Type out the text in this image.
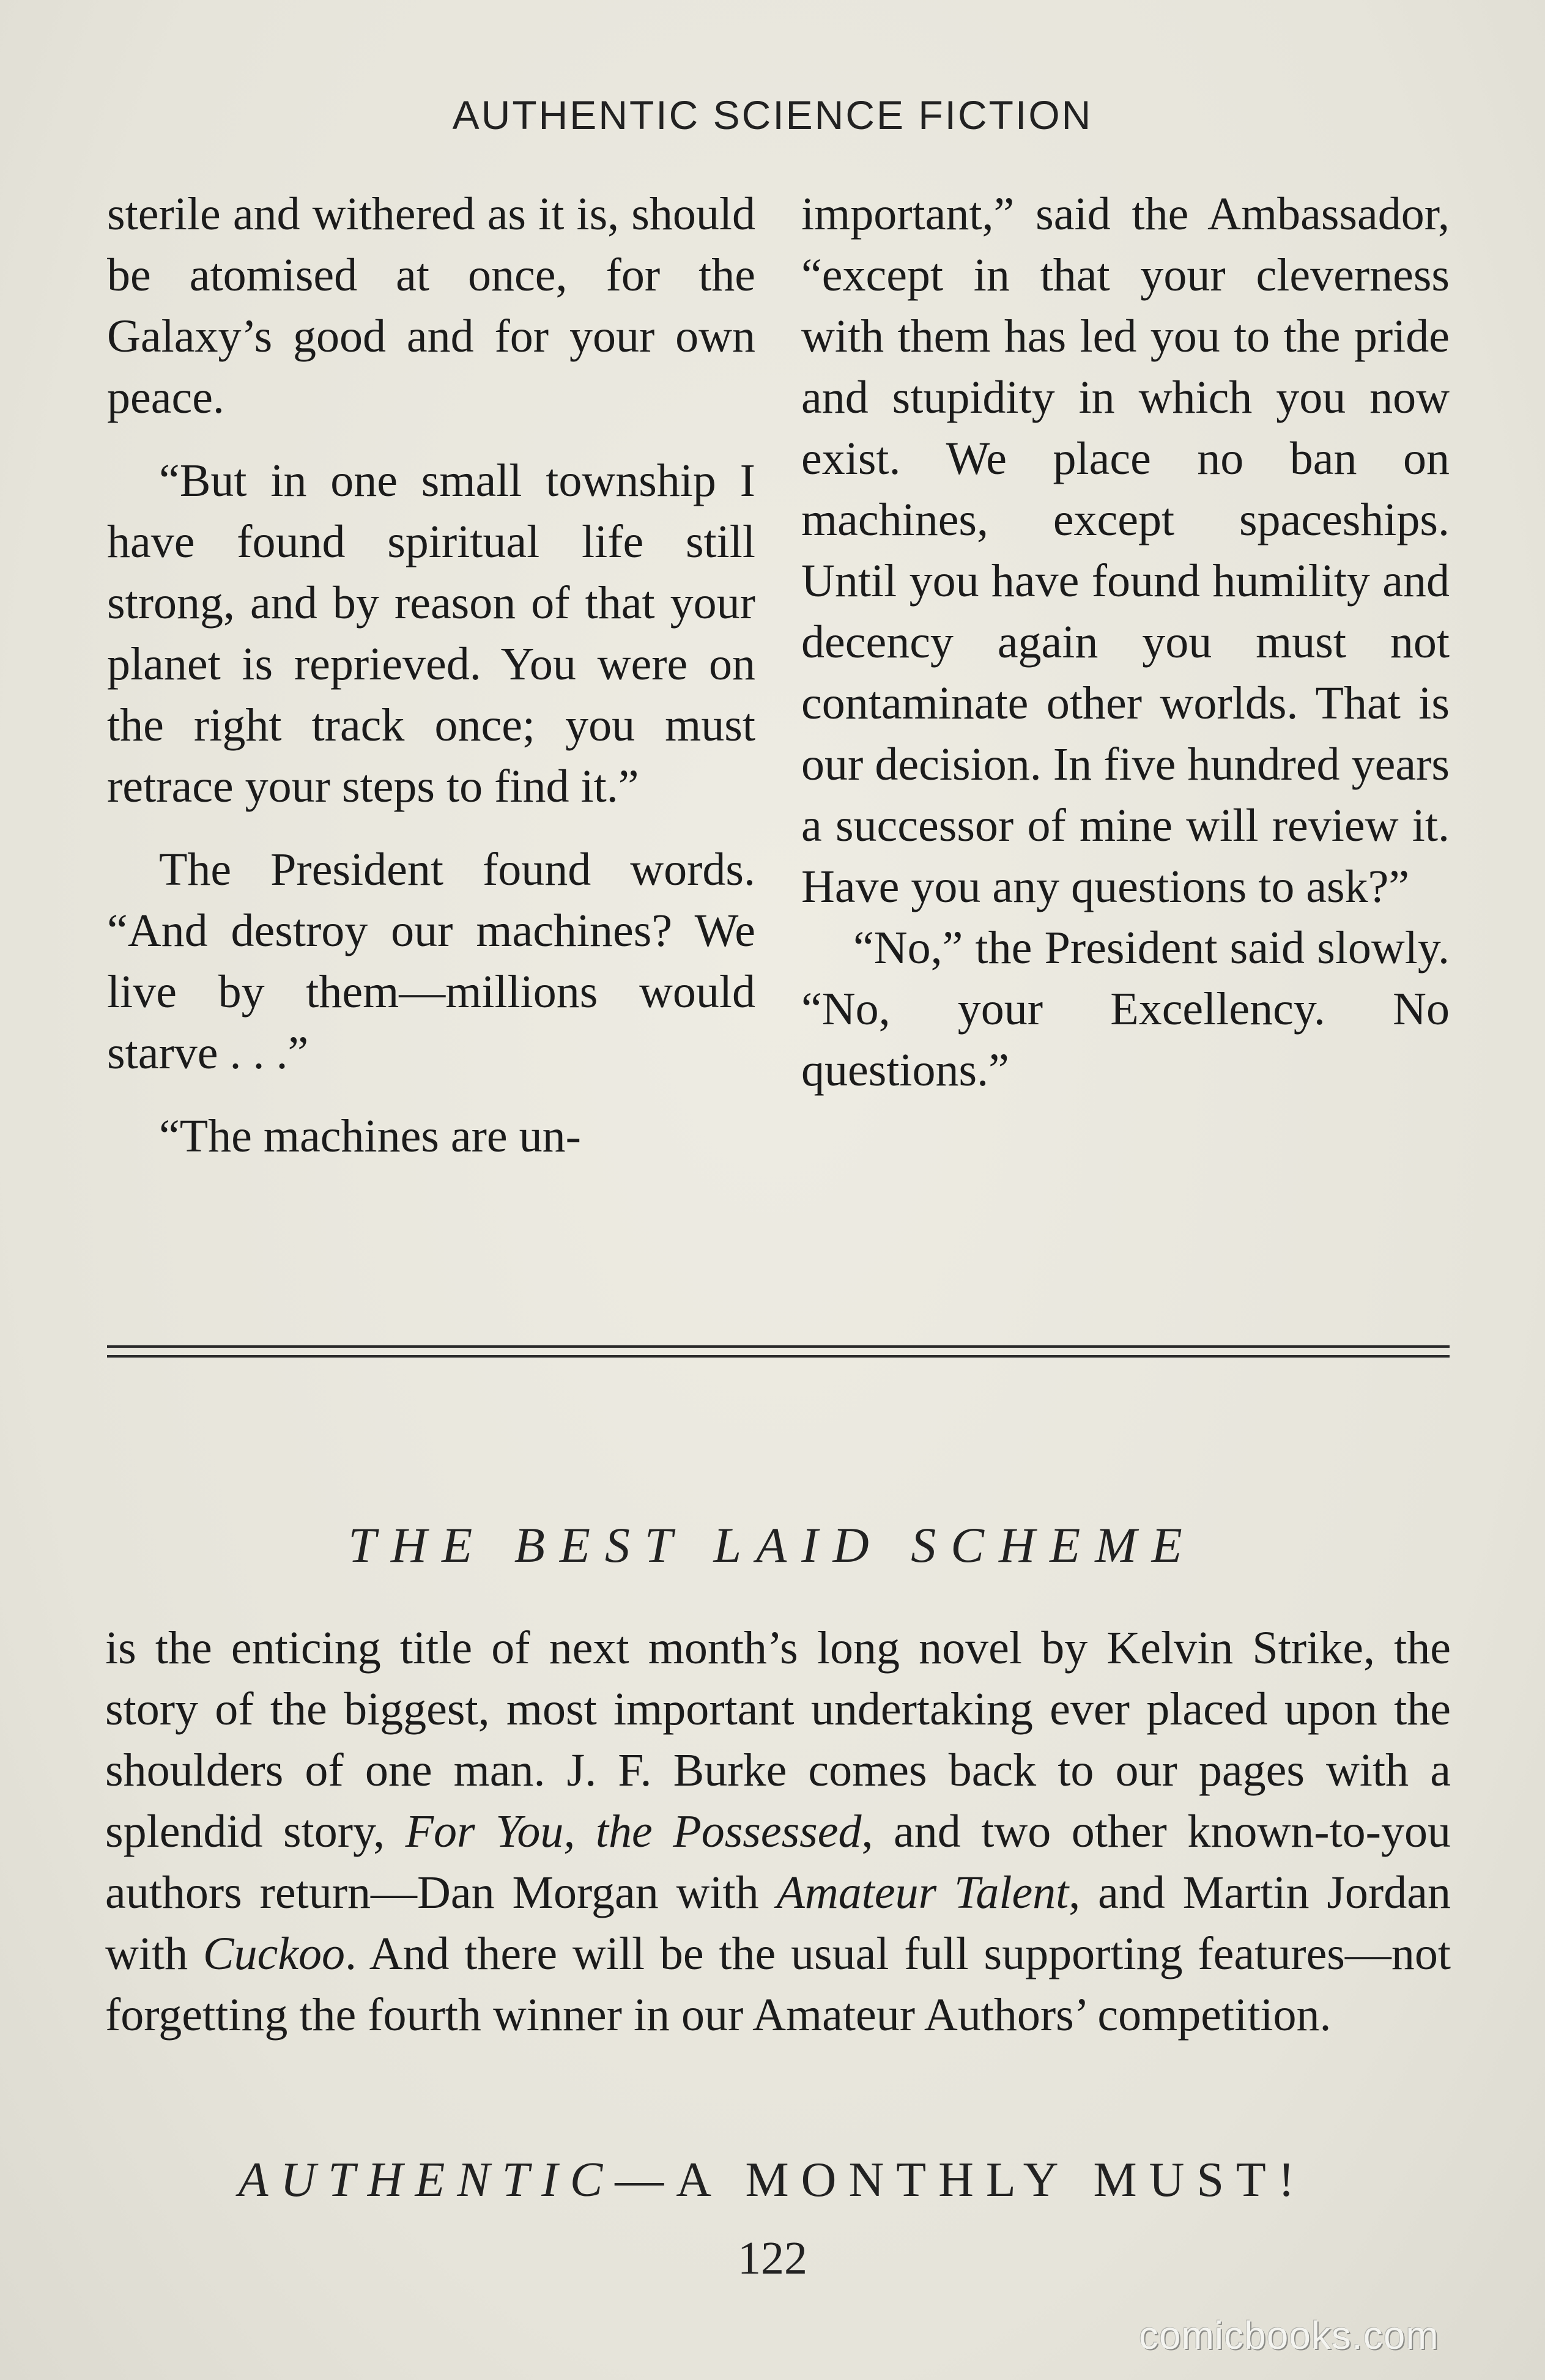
AUTHENTIC SCIENCE FICTION

sterile and withered as it is, should be atomised at once, for the Galaxy’s good and for your own peace.

“But in one small township I have found spiritual life still strong, and by reason of that your planet is reprieved. You were on the right track once; you must retrace your steps to find it.”

The President found words. “And destroy our machines? We live by them—millions would starve . . .”

“The machines are un-

important,” said the Ambassador, “except in that your cleverness with them has led you to the pride and stupidity in which you now exist. We place no ban on machines, except spaceships. Until you have found humility and decency again you must not contaminate other worlds. That is our decision. In five hundred years a successor of mine will review it. Have you any questions to ask?”

“No,” the President said slowly. “No, your Excellency. No questions.”

THE BEST LAID SCHEME
is the enticing title of next month’s long novel by Kelvin Strike, the story of the biggest, most important undertaking ever placed upon the shoulders of one man. J. F. Burke comes back to our pages with a splendid story, For You, the Possessed, and two other known-to-you authors return—Dan Morgan with Amateur Talent, and Martin Jordan with Cuckoo. And there will be the usual full supporting features—not forgetting the fourth winner in our Amateur Authors’ competition.
AUTHENTIC—A MONTHLY MUST!
122
comicbooks.com
